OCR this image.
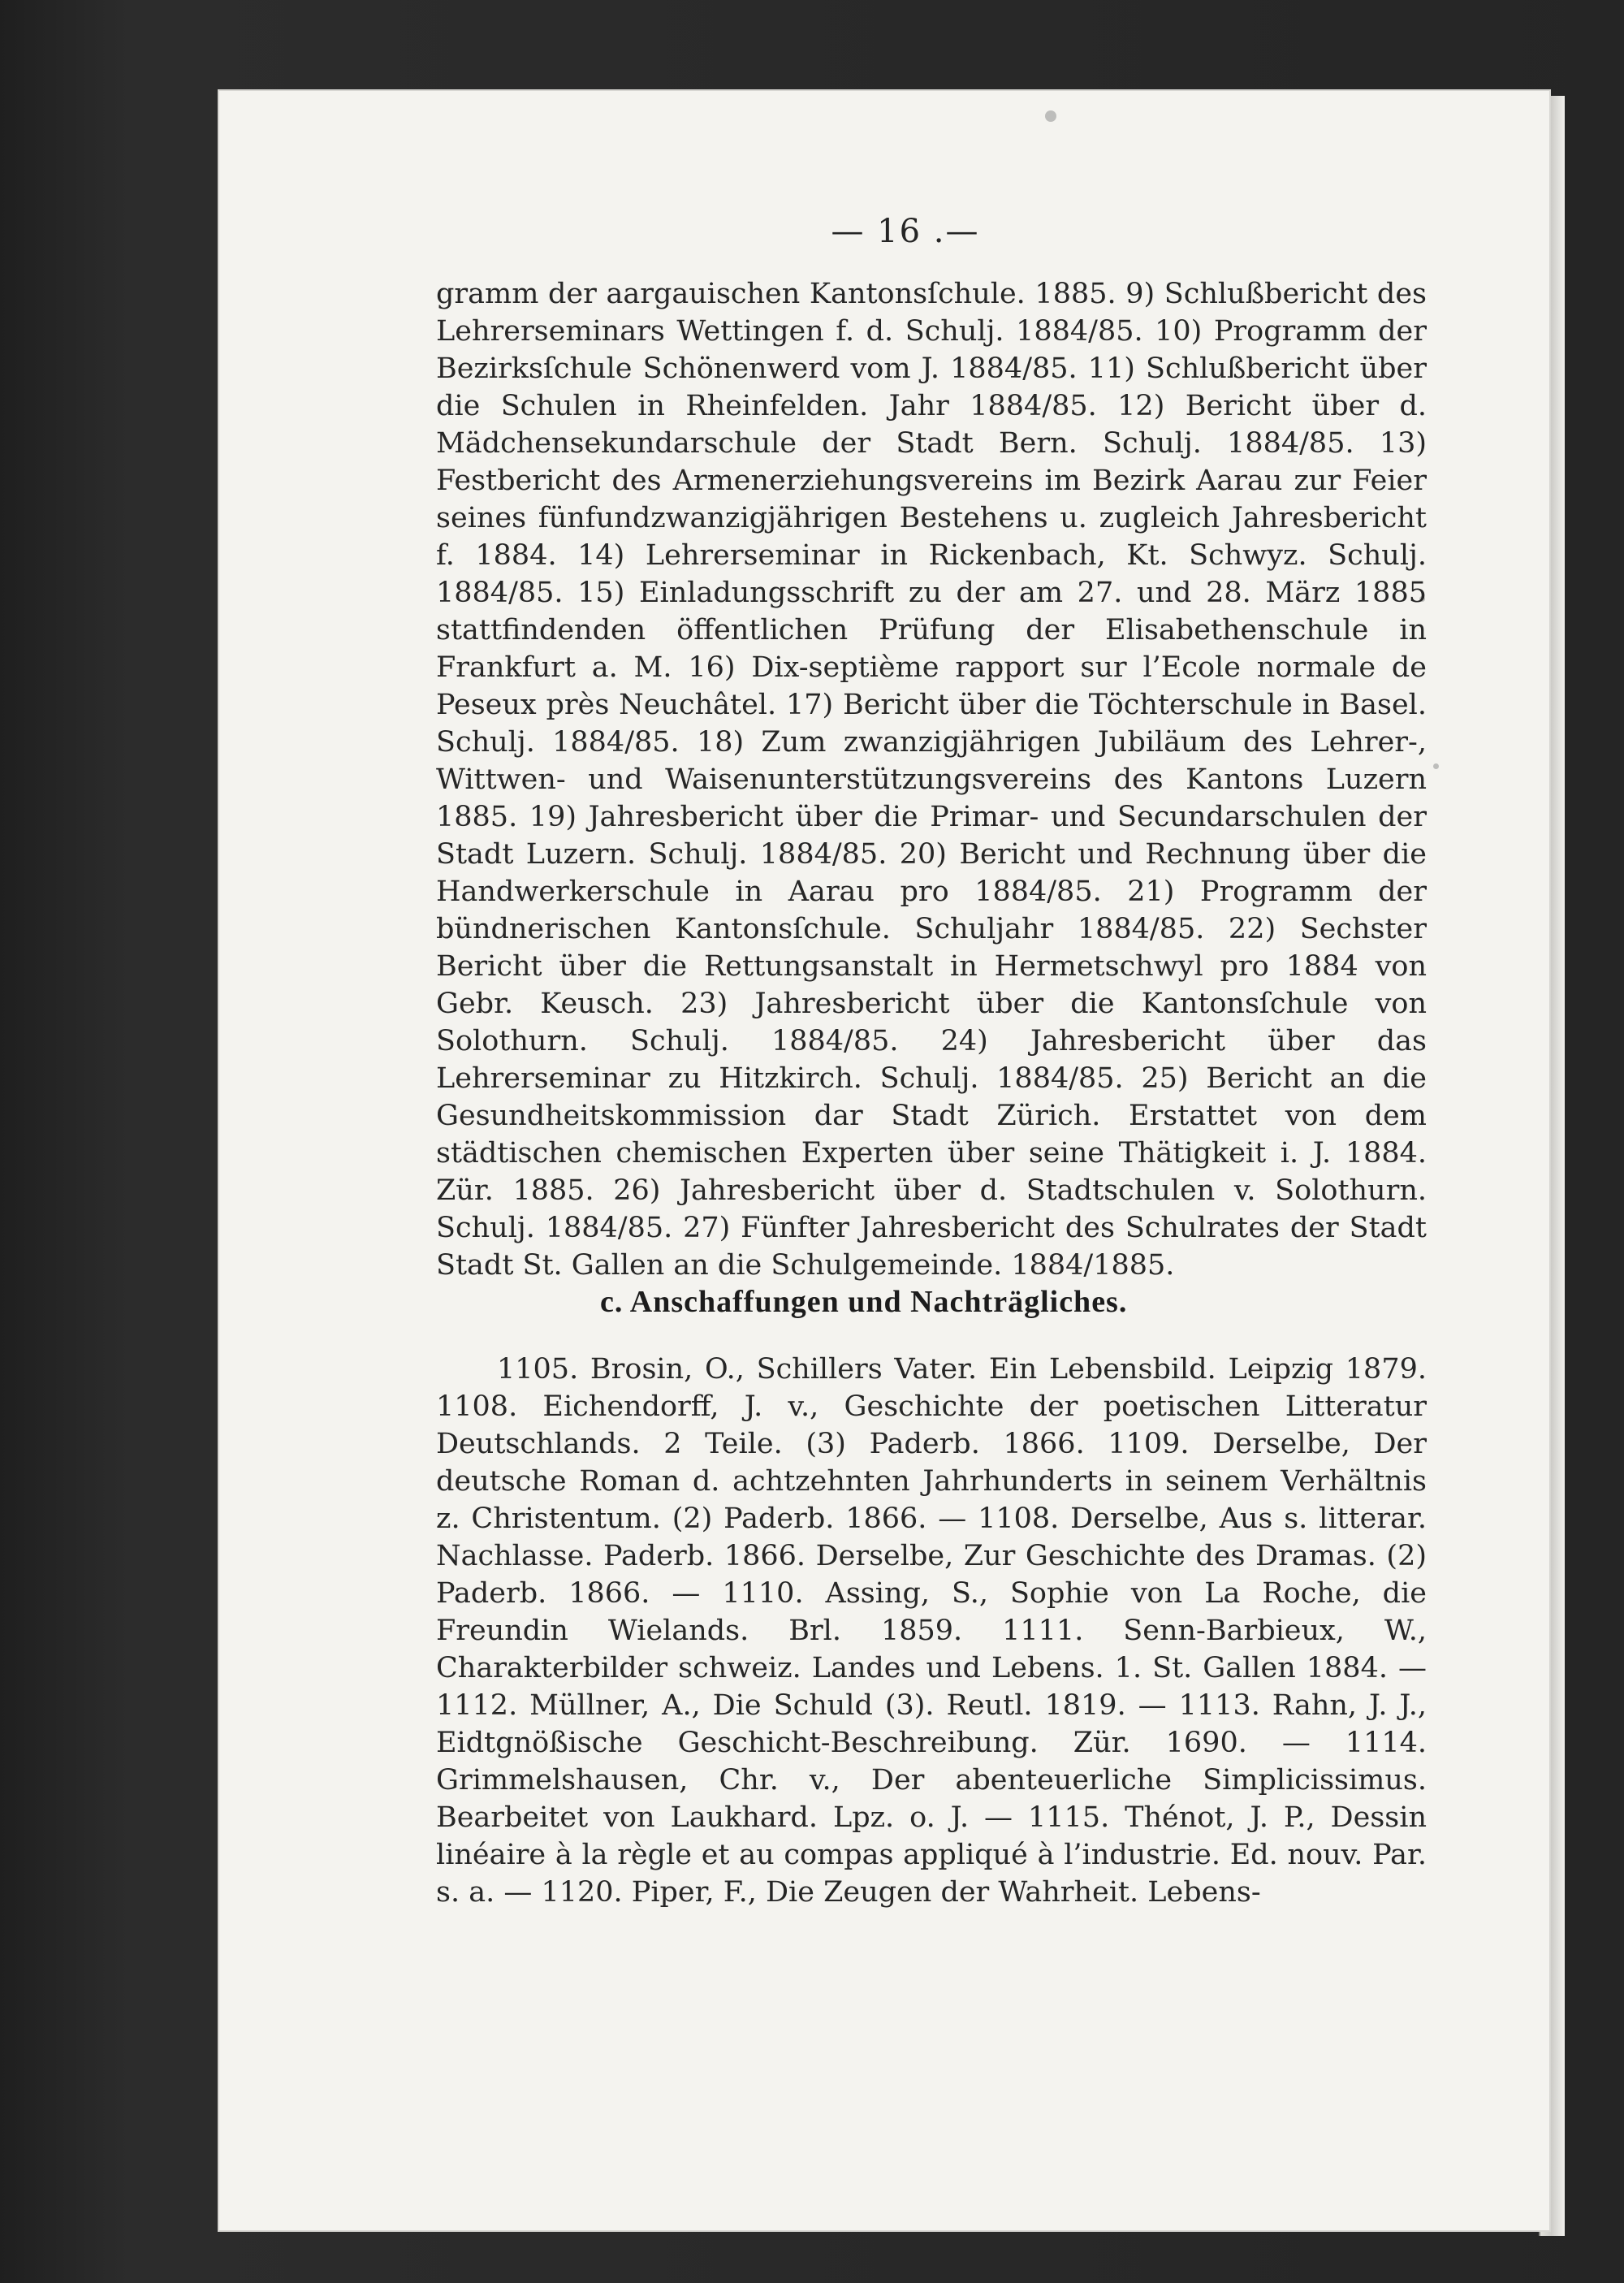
— 16 .—

gramm der aargauischen Kantonsſchule. 1885. 9) Schlußbericht des Lehrerseminars Wettingen f. d. Schulj. 1884/85. 10) Programm der Bezirksſchule Schönenwerd vom J. 1884/85. 11) Schlußbericht über die Schulen in Rheinfelden. Jahr 1884/85. 12) Bericht über d. Mädchensekundarschule der Stadt Bern. Schulj. 1884/85. 13) Festbericht des Armenerziehungsvereins im Bezirk Aarau zur Feier seines fünfundzwanzigjährigen Bestehens u. zugleich Jahresbericht f. 1884. 14) Lehrerseminar in Rickenbach, Kt. Schwyz. Schulj. 1884/85. 15) Einladungsschrift zu der am 27. und 28. März 1885 stattfindenden öffentlichen Prüfung der Elisabethenschule in Frankfurt a. M. 16) Dix-septième rapport sur l’Ecole normale de Peseux près Neuchâtel. 17) Bericht über die Töchterschule in Basel. Schulj. 1884/85. 18) Zum zwanzigjährigen Jubiläum des Lehrer-, Wittwen- und Waisenunterstützungsvereins des Kantons Luzern 1885. 19) Jahresbericht über die Primar- und Secundarschulen der Stadt Luzern. Schulj. 1884/85. 20) Bericht und Rechnung über die Handwerkerschule in Aarau pro 1884/85. 21) Programm der bündnerischen Kantonsſchule. Schuljahr 1884/85. 22) Sechster Bericht über die Rettungsanstalt in Hermetschwyl pro 1884 von Gebr. Keusch. 23) Jahresbericht über die Kantonsſchule von Solothurn. Schulj. 1884/85. 24) Jahresbericht über das Lehrerseminar zu Hitzkirch. Schulj. 1884/85. 25) Bericht an die Gesundheitskommission dar Stadt Zürich. Erstattet von dem städtischen chemischen Experten über seine Thätigkeit i. J. 1884. Zür. 1885. 26) Jahresbericht über d. Stadtschulen v. Solothurn. Schulj. 1884/85. 27) Fünfter Jahresbericht des Schulrates der Stadt Stadt St. Gallen an die Schulgemeinde. 1884/1885.

c. Anschaffungen und Nachträgliches.

1105. Brosin, O., Schillers Vater. Ein Lebensbild. Leipzig 1879. 1108. Eichendorff, J. v., Geschichte der poetischen Litteratur Deutschlands. 2 Teile. (3) Paderb. 1866. 1109. Derselbe, Der deutsche Roman d. achtzehnten Jahrhunderts in seinem Verhältnis z. Christentum. (2) Paderb. 1866. — 1108. Derselbe, Aus s. litterar. Nachlasse. Paderb. 1866. Derselbe, Zur Geschichte des Dramas. (2) Paderb. 1866. — 1110. Assing, S., Sophie von La Roche, die Freundin Wielands. Brl. 1859. 1111. Senn-Barbieux, W., Charakterbilder schweiz. Landes und Lebens. 1. St. Gallen 1884. — 1112. Müllner, A., Die Schuld (3). Reutl. 1819. — 1113. Rahn, J. J., Eidtgnößische Geschicht-Beschreibung. Zür. 1690. — 1114. Grimmelshausen, Chr. v., Der abenteuerliche Simplicissimus. Bearbeitet von Laukhard. Lpz. o. J. — 1115. Thénot, J. P., Dessin linéaire à la règle et au compas appliqué à l’industrie. Ed. nouv. Par. s. a. — 1120. Piper, F., Die Zeugen der Wahrheit. Lebens-
